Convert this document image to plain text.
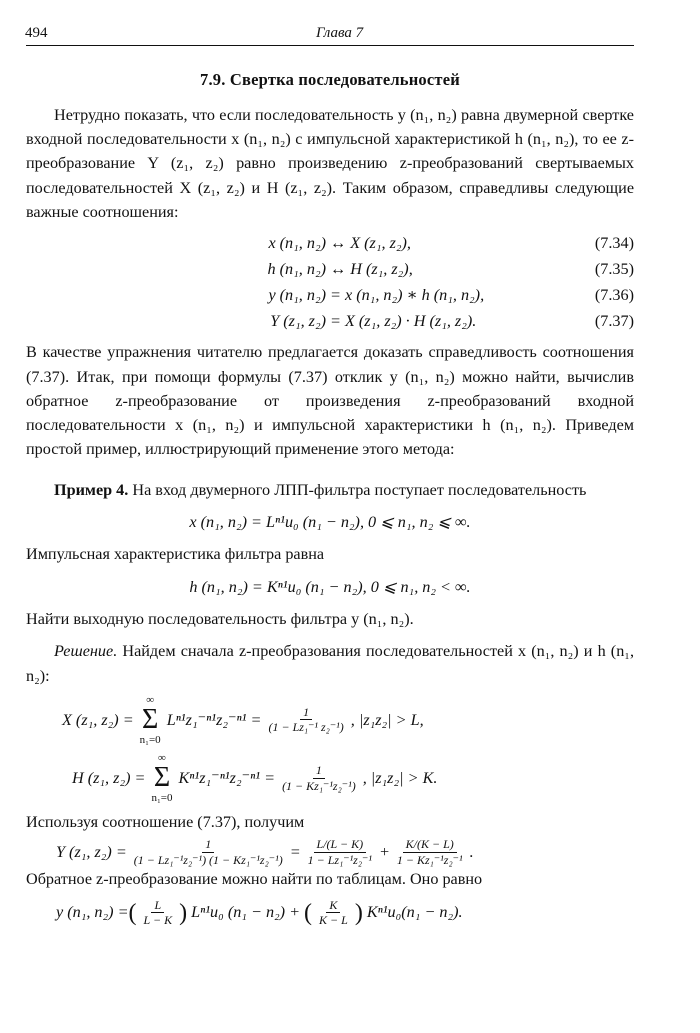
494	Глава 7
7.9. Свертка последовательностей

Нетрудно показать, что если последовательность y (n₁, n₂) равна двумерной свертке входной последовательности x (n₁, n₂) с импульсной характеристикой h (n₁, n₂), то ее z-преобразование Y (z₁, z₂) равно произведению z-преобразований свертываемых последовательностей X (z₁, z₂) и H (z₁, z₂). Таким образом, справедливы следующие важные соотношения:

x (n₁, n₂) ↔ X (z₁, z₂),	(7.34)
h (n₁, n₂) ↔ H (z₁, z₂),	(7.35)
y (n₁, n₂) = x (n₁, n₂) ∗ h (n₁, n₂),	(7.36)
Y (z₁, z₂) = X (z₁, z₂) · H (z₁, z₂).	(7.37)

В качестве упражнения читателю предлагается доказать справедливость соотношения (7.37). Итак, при помощи формулы (7.37) отклик y (n₁, n₂) можно найти, вычислив обратное z-преобразование от произведения z-преобразований входной последовательности x (n₁, n₂) и импульсной характеристики h (n₁, n₂). Приведем простой пример, иллюстрирующий применение этого метода:

Пример 4. На вход двумерного ЛПП-фильтра поступает последовательность

x (n₁, n₂) = Lⁿ¹u₀ (n₁ − n₂), 0 ⩽ n₁, n₂ ⩽ ∞.

Импульсная характеристика фильтра равна

h (n₁, n₂) = Kⁿ¹u₀ (n₁ − n₂), 0 ⩽ n₁, n₂ < ∞.

Найти выходную последовательность фильтра y (n₁, n₂).

Решение. Найдем сначала z-преобразования последовательностей x (n₁, n₂) и h (n₁, n₂):

X (z₁, z₂) =
∞
Σ
n₁=0
$L^{n1}z_1^{-n1}z_2^{-n1} = \frac{1}{\text{(1 − Lz₁⁻¹ z₂⁻¹)}}$ , |z₁z₂| > L,
H (z₁, z₂) =
∞
Σ
n₁=0
$K^{n1}z_1^{-n1}z_2^{-n1} = \frac{1}{\text{(1 − Kz₁⁻¹z₂⁻¹)}}$ , |z₁z₂| > K.

Используя соотношение (7.37), получим

Y (z₁, $z_2) = \frac{1}{\text{(1 − Lz₁⁻¹z₂⁻¹) (1 − Kz₁⁻¹z₂⁻¹)}} = \frac{L/(L - K)}{\text{1 − Lz₁⁻¹z₂⁻¹}} + \frac{K/(K - L)}{\text{1 − Kz₁⁻¹z₂⁻¹}}$ .

Обратное z-преобразование можно найти по таблицам. Оно равно

y (n₁, n₂) = ( $\frac{L}{L - K}$ ) Lⁿ¹u₀ (n₁ − n₂) + ( $\frac{K}{K - L}$ ) Kⁿ¹u₀(n₁ − n₂).
